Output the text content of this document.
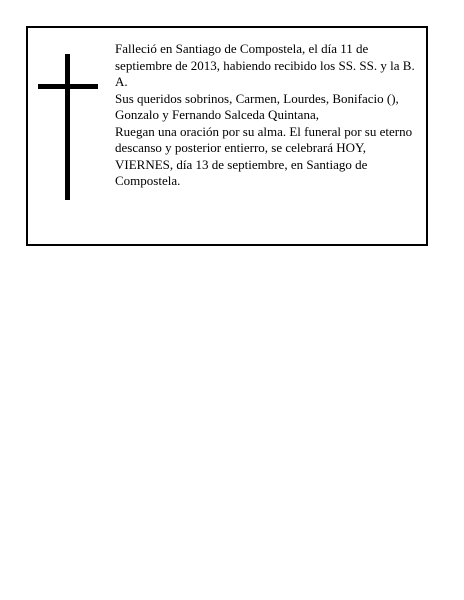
Falleció en Santiago de Compostela, el día 11 de septiembre de 2013, habiendo recibido los SS. SS. y la B. A.

Sus queridos sobrinos, Carmen, Lourdes, Bonifacio (), Gonzalo y Fernando Salceda Quintana,

Ruegan una oración por su alma. El funeral por su eterno descanso y posterior entierro, se celebrará HOY, VIERNES, día 13 de septiembre, en Santiago de Compostela.
